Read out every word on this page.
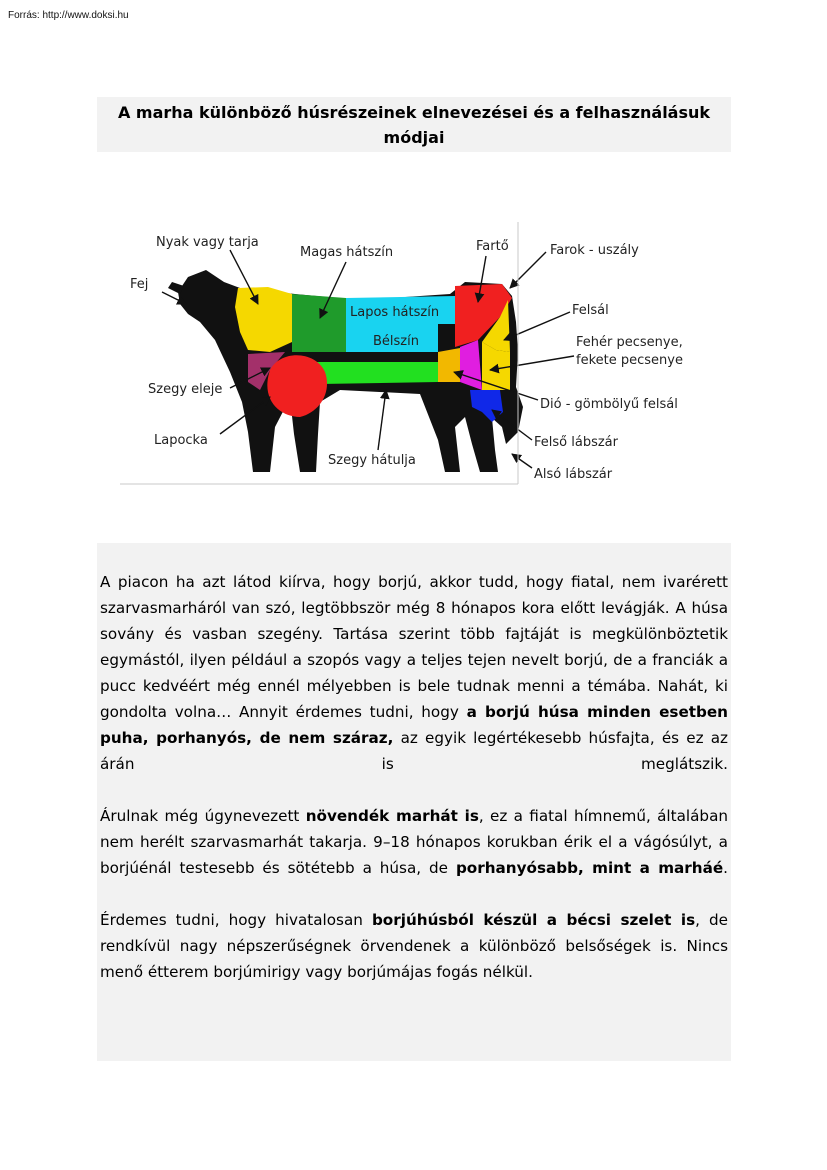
Forrás: http://www.doksi.hu
A marha különböző húsrészeinek elnevezései és a felhasználásuk
módjai
Lapos hátszín
Bélszín
Nyak vagy tarja
Fej
Magas hátszín	Fartő	Farok - uszály
Felsál
Fehér pecsenye,
fekete pecsenye
Dió - gömbölyű felsál
Felső lábszár
Alsó lábszár
Szegy eleje
Lapocka
Szegy hátulja

A piacon ha azt látod kiírva, hogy borjú, akkor tudd, hogy fiatal, nem ivarérett szarvasmarháról van szó, legtöbbször még 8 hónapos kora előtt levágják. A húsa sovány és vasban szegény. Tartása szerint több fajtáját is megkülönböztetik egymástól, ilyen például a szopós vagy a teljes tejen nevelt borjú, de a franciák a pucc kedvéért még ennél mélyebben is bele tudnak menni a témába. Nahát, ki gondolta volna… Annyit érdemes tudni, hogy a borjú húsa minden esetben puha, porhanyós, de nem száraz, az egyik legértékesebb húsfajta, és ez az árán is meglátszik.

Árulnak még úgynevezett növendék marhát is, ez a fiatal hímnemű, általában nem herélt szarvasmarhát takarja. 9–18 hónapos korukban érik el a vágósúlyt, a borjúénál testesebb és sötétebb a húsa, de porhanyósabb, mint a marháé.

Érdemes tudni, hogy hivatalosan borjúhúsból készül a bécsi szelet is, de rendkívül nagy népszerűségnek örvendenek a különböző belsőségek is. Nincs menő étterem borjúmirigy vagy borjúmájas fogás nélkül.
